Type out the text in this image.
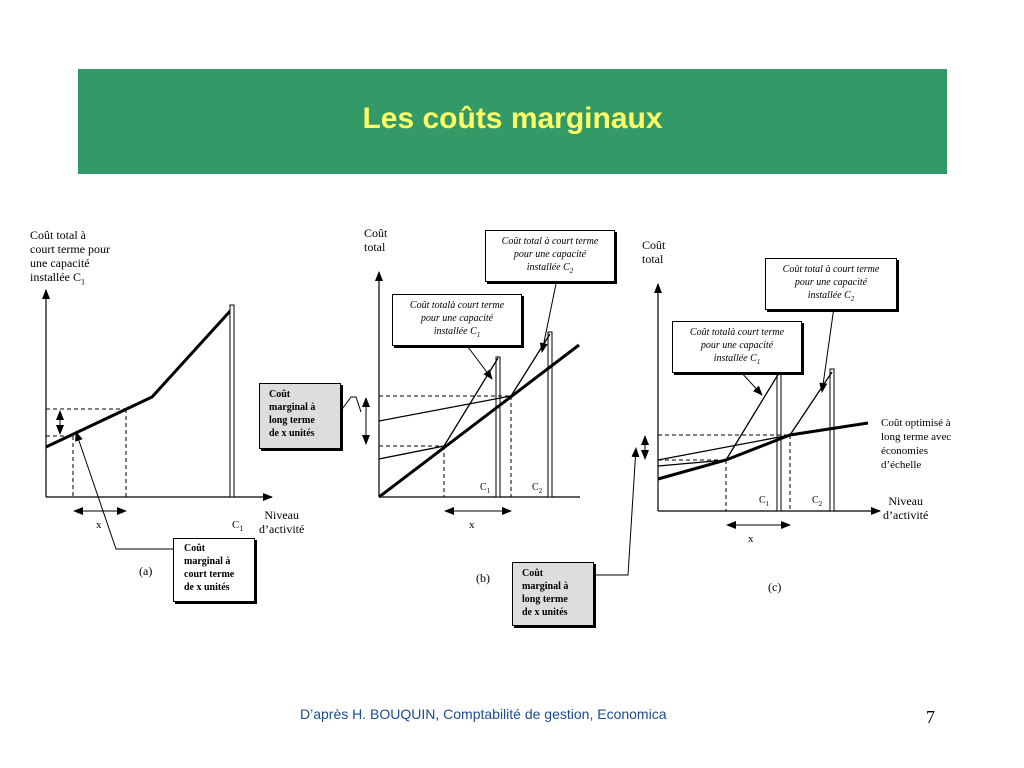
Les coûts marginaux
Coût total à
court terme pour
une capacité
installée $C_1$
x	$C_1$
Niveau
d’activité
(a)
Coût
marginal à
court terme
de x unités
Coût
total	Coût total à court terme
pour une capacité
installée $C_2$
Coût totalà court terme
pour une capacité
installée $C_1$
Coût
marginal à
long terme
de x unités
$C_1$	$C_2$
x
(b)	Coût
marginal à
long terme
de x unités
Coût
total
Coût total à court terme
pour une capacité
installée $C_2$
Coût totalà court terme
pour une capacité
installée $C_1$
Coût optimisé à
long terme avec
économies
d’échelle
Niveau
d’activité
$C_1$	$C_2$
x
(c)
D’après H. BOUQUIN, Comptabilité de gestion, Economica	7
